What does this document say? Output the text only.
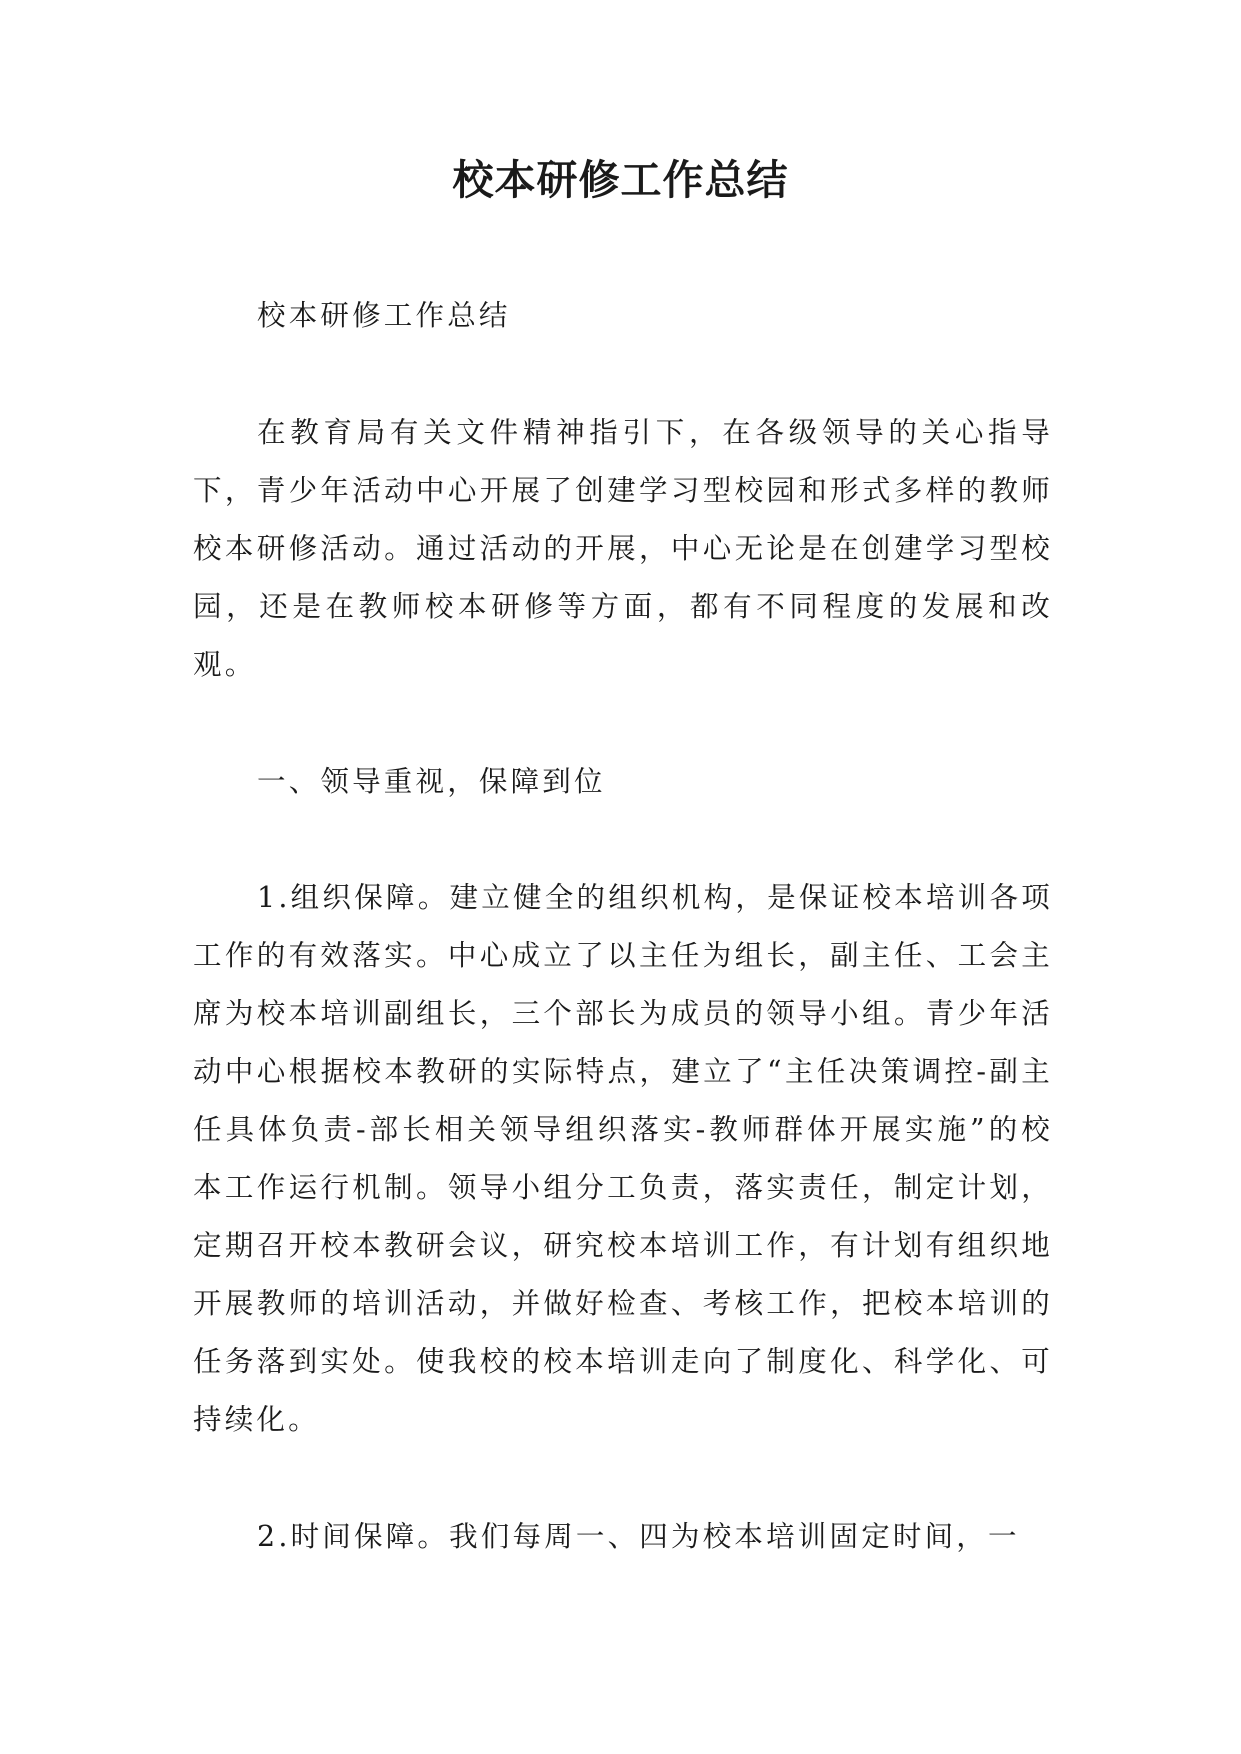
校本研修工作总结
校本研修工作总结
在教育局有关文件精神指引下，在各级领导的关心指导下，青少年活动中心开展了创建学习型校园和形式多样的教师校本研修活动。通过活动的开展，中心无论是在创建学习型校园，还是在教师校本研修等方面，都有不同程度的发展和改观。
一、领导重视，保障到位
1.组织保障。建立健全的组织机构，是保证校本培训各项工作的有效落实。中心成立了以主任为组长，副主任、工会主席为校本培训副组长，三个部长为成员的领导小组。青少年活动中心根据校本教研的实际特点，建立了“主任决策调控-副主任具体负责-部长相关领导组织落实-教师群体开展实施”的校本工作运行机制。领导小组分工负责，落实责任，制定计划，定期召开校本教研会议，研究校本培训工作，有计划有组织地开展教师的培训活动，并做好检查、考核工作，把校本培训的任务落到实处。使我校的校本培训走向了制度化、科学化、可持续化。
2.时间保障。我们每周一、四为校本培训固定时间，一
